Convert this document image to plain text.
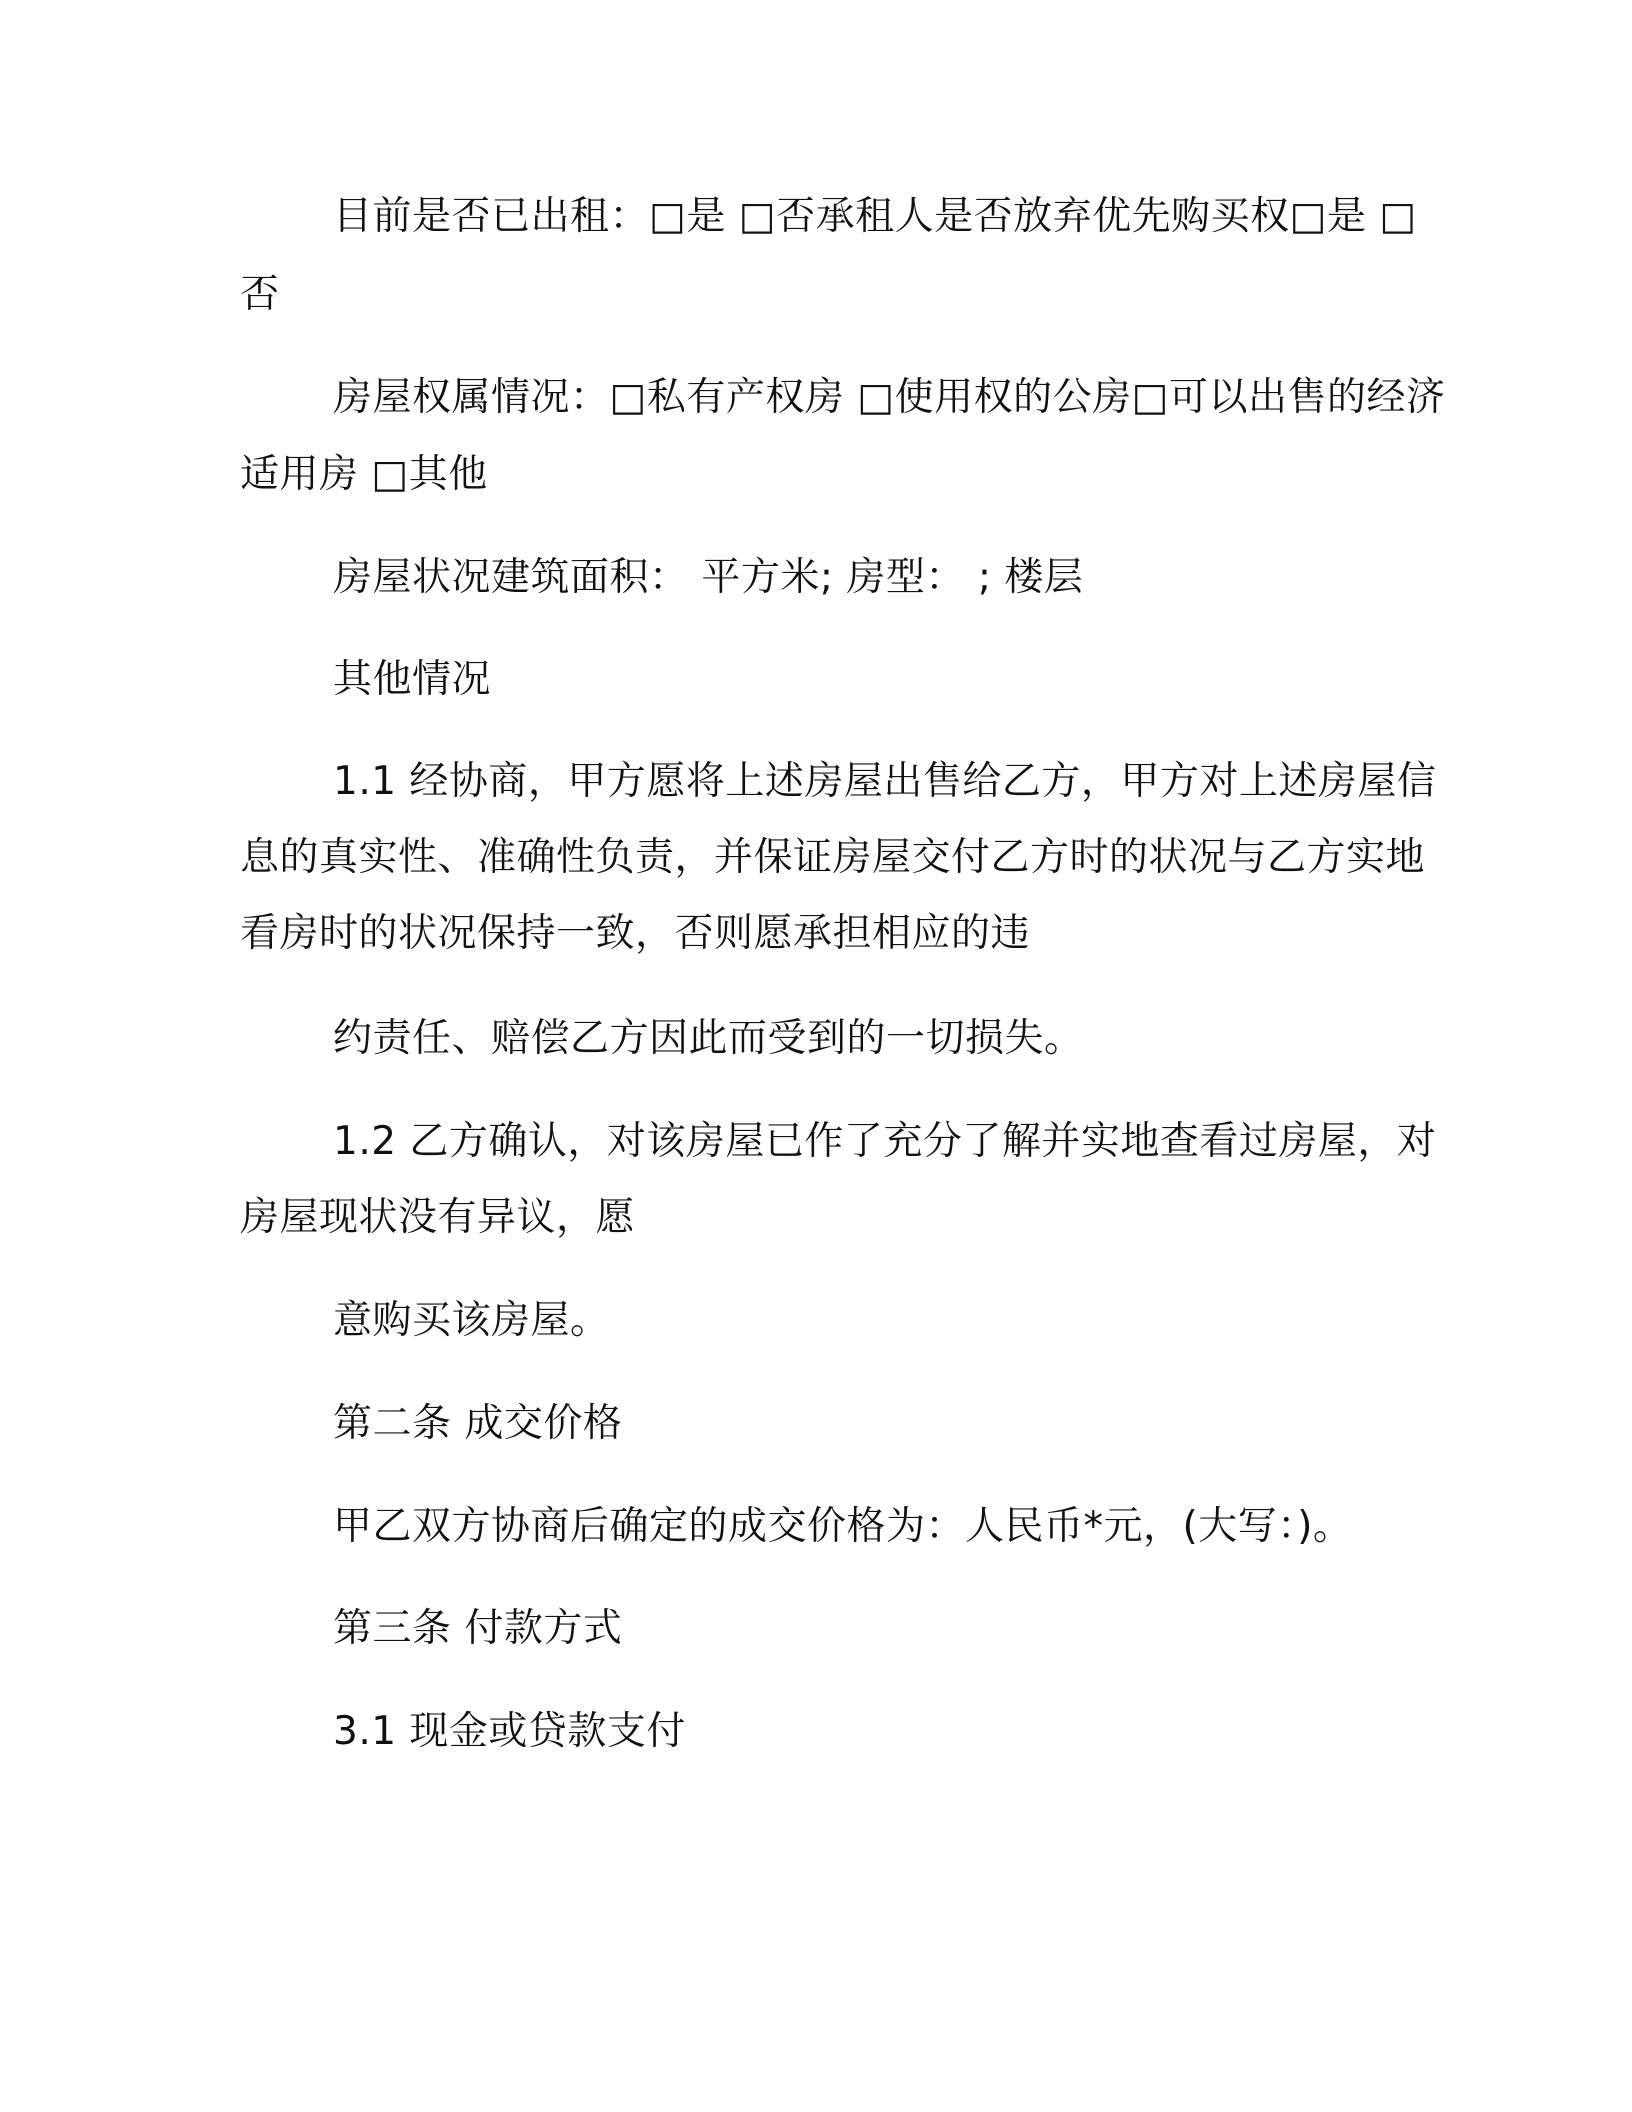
目前是否已出租：□是 □否承租人是否放弃优先购买权□是 □
否
房屋权属情况：□私有产权房 □使用权的公房□可以出售的经济
适用房 □其他
房屋状况建筑面积： 平方米; 房型： ; 楼层
其他情况
1.1 经协商，甲方愿将上述房屋出售给乙方，甲方对上述房屋信
息的真实性、准确性负责，并保证房屋交付乙方时的状况与乙方实地
看房时的状况保持一致，否则愿承担相应的违
约责任、赔偿乙方因此而受到的一切损失。
1.2 乙方确认，对该房屋已作了充分了解并实地查看过房屋，对
房屋现状没有异议，愿
意购买该房屋。
第二条 成交价格
甲乙双方协商后确定的成交价格为：人民币*元，(大写：)。
第三条 付款方式
3.1 现金或贷款支付
